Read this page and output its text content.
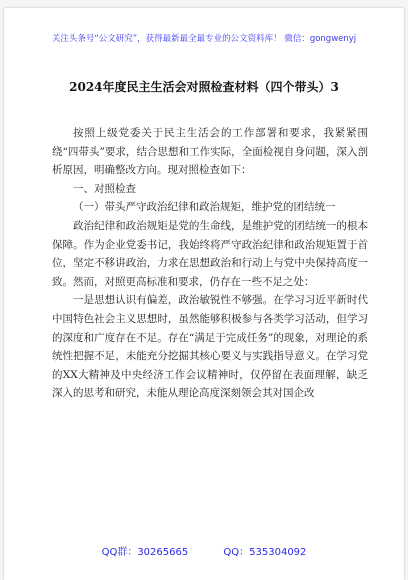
关注头条号“公文研究”，获得最新最全最专业的公文资料库！ 微信：gongwenyj
2024年度民主生活会对照检查材料（四个带头）3

按照上级党委关于民主生活会的工作部署和要求，我紧紧围绕“四带头”要求，结合思想和工作实际，全面检视自身问题，深入剖析原因，明确整改方向。现对照检查如下：

一、对照检查

（一）带头严守政治纪律和政治规矩，维护党的团结统一

政治纪律和政治规矩是党的生命线，是维护党的团结统一的根本保障。作为企业党委书记，我始终将严守政治纪律和政治规矩置于首位，坚定不移讲政治，力求在思想政治和行动上与党中央保持高度一致。然而，对照更高标准和要求，仍存在一些不足之处：

一是思想认识有偏差，政治敏锐性不够强。在学习习近平新时代中国特色社会主义思想时，虽然能够积极参与各类学习活动，但学习的深度和广度存在不足。存在“满足于完成任务”的现象，对理论的系统性把握不足，未能充分挖掘其核心要义与实践指导意义。在学习党的XX大精神及中央经济工作会议精神时，仅停留在表面理解，缺乏深入的思考和研究，未能从理论高度深刻领会其对国企改

QQ群：30265665	QQ：535304092
